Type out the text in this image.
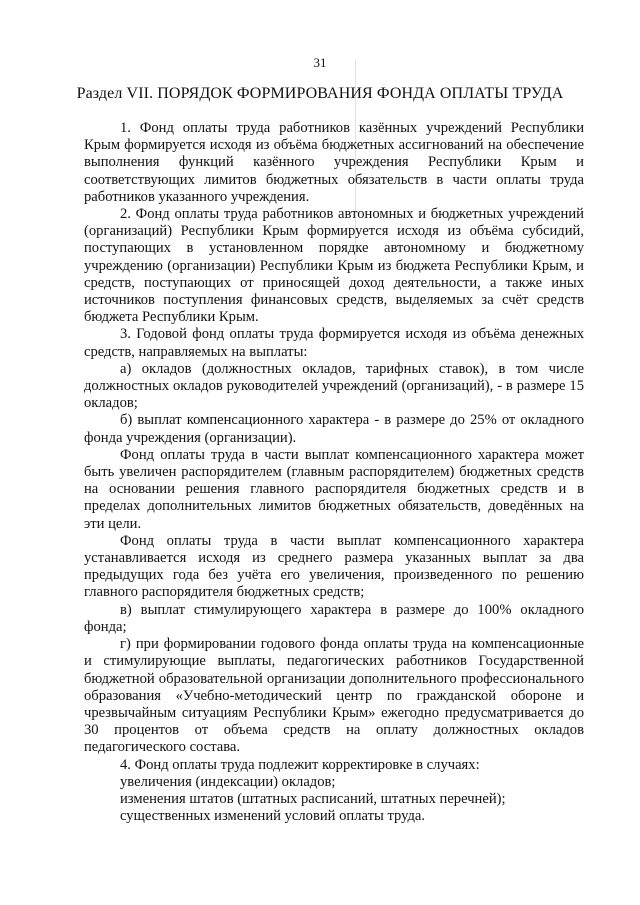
31
Раздел VII. ПОРЯДОК ФОРМИРОВАНИЯ ФОНДА ОПЛАТЫ ТРУДА

1. Фонд оплаты труда работников казённых учреждений Республики Крым формируется исходя из объёма бюджетных ассигнований на обеспечение выполнения функций казённого учреждения Республики Крым и соответствующих лимитов бюджетных обязательств в части оплаты труда работников указанного учреждения.

2. Фонд оплаты труда работников автономных и бюджетных учреждений (организаций) Республики Крым формируется исходя из объёма субсидий, поступающих в установленном порядке автономному и бюджетному учреждению (организации) Республики Крым из бюджета Республики Крым, и средств, поступающих от приносящей доход деятельности, а также иных источников поступления финансовых средств, выделяемых за счёт средств бюджета Республики Крым.

3. Годовой фонд оплаты труда формируется исходя из объёма денежных средств, направляемых на выплаты:

а) окладов (должностных окладов, тарифных ставок), в том числе должностных окладов руководителей учреждений (организаций), - в размере 15 окладов;

б) выплат компенсационного характера - в размере до 25% от окладного фонда учреждения (организации).

Фонд оплаты труда в части выплат компенсационного характера может быть увеличен распорядителем (главным распорядителем) бюджетных средств на основании решения главного распорядителя бюджетных средств и в пределах дополнительных лимитов бюджетных обязательств, доведённых на эти цели.

Фонд оплаты труда в части выплат компенсационного характера устанавливается исходя из среднего размера указанных выплат за два предыдущих года без учёта его увеличения, произведенного по решению главного распорядителя бюджетных средств;

в) выплат стимулирующего характера в размере до 100% окладного фонда;

г) при формировании годового фонда оплаты труда на компенсационные и стимулирующие выплаты, педагогических работников Государственной бюджетной образовательной организации дополнительного профессионального образования «Учебно-методический центр по гражданской обороне и чрезвычайным ситуациям Республики Крым» ежегодно предусматривается до 30 процентов от объема средств на оплату должностных окладов педагогического состава.

4. Фонд оплаты труда подлежит корректировке в случаях:

увеличения (индексации) окладов;

изменения штатов (штатных расписаний, штатных перечней);

существенных изменений условий оплаты труда.
